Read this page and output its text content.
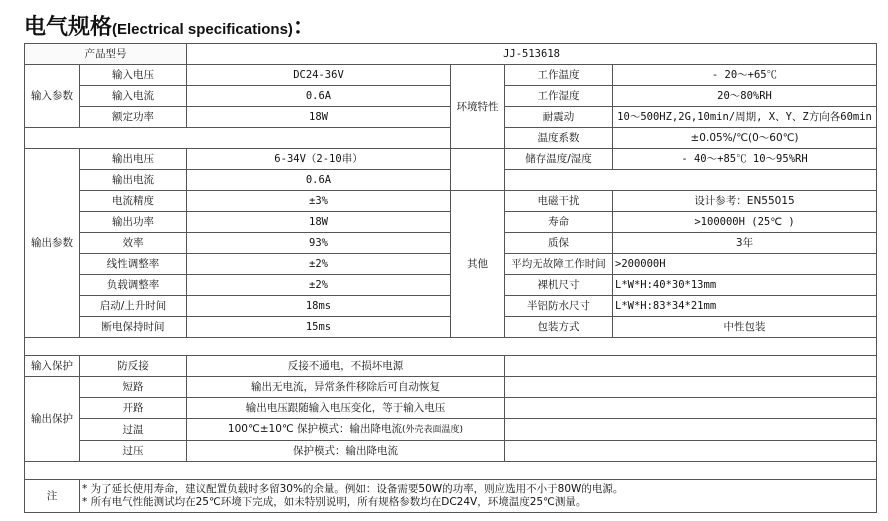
电气规格(Electrical specifications)：
产品型号		JJ-513618			
输入参数	输入电压	DC24-36V	环境特性	工作温度	- 20～+65℃
	输入电流	0.6A		工作湿度	20～80%RH
	额定功率	18W		耐震动	10～500HZ,2G,10min/周期, X、Y、Z方向各60min
				温度系数	±0.05%/℃(0～60℃)
输出参数	输出电压	6-34V（2-10串）		储存温度/湿度	- 40～+85℃ 10～95%RH
	输出电流	0.6A			
	电流精度	±3%	其他	电磁干扰	设计参考：EN55015
	输出功率	18W		寿命	>100000H (25℃ )
	效率	93%		质保	3年
	线性调整率	±2%		平均无故障工作时间	>200000H
	负载调整率	±2%		裸机尺寸	L*W*H:40*30*13mm
	启动/上升时间	18ms		半铝防水尺寸	L*W*H:83*34*21mm
	断电保持时间	15ms		包装方式	中性包装

输入保护	防反接	反接不通电，不损坏电源			
输出保护	短路	输出无电流，异常条件移除后可自动恢复			
	开路	输出电压跟随输入电压变化，等于输入电压			
	过温	100℃±10℃ 保护模式：输出降电流(外壳表面温度)			
	过压	保护模式：输出降电流			

注	* 为了延长使用寿命，建议配置负载时多留30%的余量。例如：设备需要50W的功率，则应选用不小于80W的电源。
* 所有电气性能测试均在25℃环境下完成，如未特别说明，所有规格参数均在DC24V，环境温度25℃测量。				
